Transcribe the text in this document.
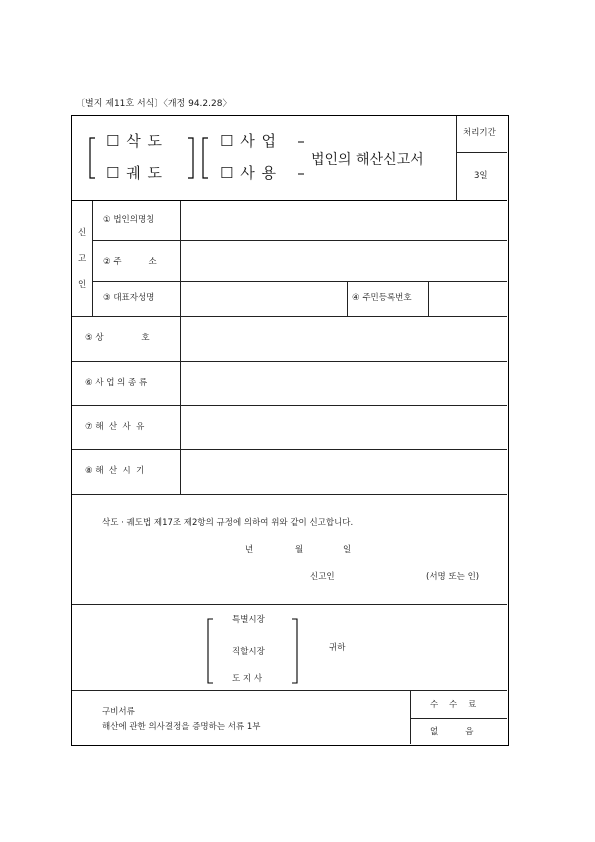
〔별지 제11호 서식〕〈개정 94.2.28〉
☐ 삭 도
☐ 궤 도
☐ 사 업
☐ 사 용
법인의 해산신고서
처리기간
3일
신
고
인
① 법인의명칭
② 주          소
③ 대표자성명	④ 주민등록번호
⑤ 상              호
⑥ 사 업 의 종 류
⑦ 해  산  사  유
⑧ 해  산  시  기
삭도 · 궤도법 제17조 제2항의 규정에 의하여 위와 같이 신고합니다.
년	월	일
신고인	(서명 또는 인)
특별시장
직할시장
도 지 사
귀하
구비서류
해산에 관한 의사결정을 증명하는 서류 1부
수    수    료
없          음
